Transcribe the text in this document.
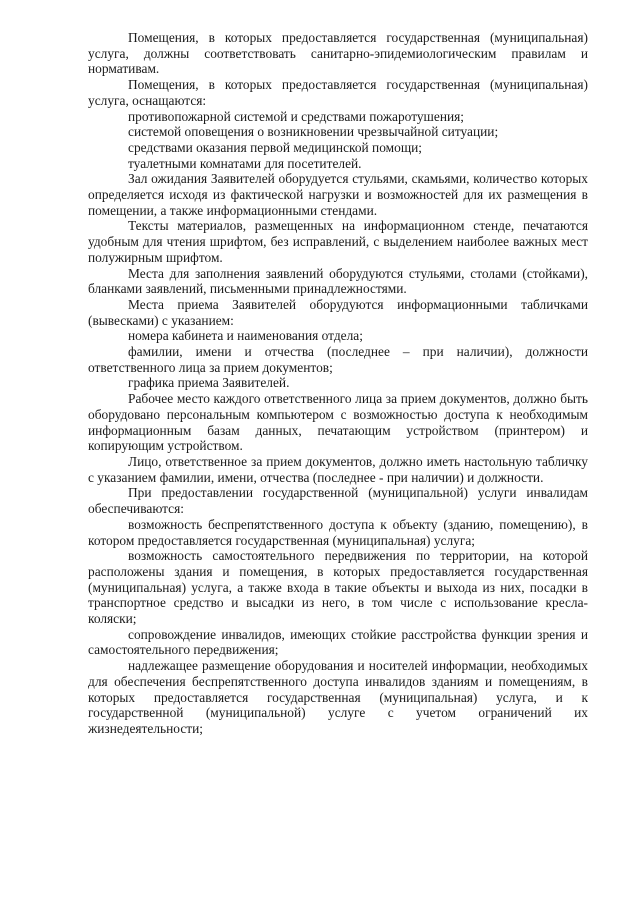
Помещения, в которых предоставляется государственная (муниципальная) услуга, должны соответствовать санитарно-эпидемиологическим правилам и нормативам.

Помещения, в которых предоставляется государственная (муниципальная) услуга, оснащаются:

противопожарной системой и средствами пожаротушения;

системой оповещения о возникновении чрезвычайной ситуации;

средствами оказания первой медицинской помощи;

туалетными комнатами для посетителей.

Зал ожидания Заявителей оборудуется стульями, скамьями, количество которых определяется исходя из фактической нагрузки и возможностей для их размещения в помещении, а также информационными стендами.

Тексты материалов, размещенных на информационном стенде, печатаются удобным для чтения шрифтом, без исправлений, с выделением наиболее важных мест полужирным шрифтом.

Места для заполнения заявлений оборудуются стульями, столами (стойками), бланками заявлений, письменными принадлежностями.

Места приема Заявителей оборудуются информационными табличками (вывесками) с указанием:

номера кабинета и наименования отдела;

фамилии, имени и отчества (последнее – при наличии), должности ответственного лица за прием документов;

графика приема Заявителей.

Рабочее место каждого ответственного лица за прием документов, должно быть оборудовано персональным компьютером с возможностью доступа к необходимым информационным базам данных, печатающим устройством (принтером) и копирующим устройством.

Лицо, ответственное за прием документов, должно иметь настольную табличку с указанием фамилии, имени, отчества (последнее - при наличии) и должности.

При предоставлении государственной (муниципальной) услуги инвалидам обеспечиваются:

возможность беспрепятственного доступа к объекту (зданию, помещению), в котором предоставляется государственная (муниципальная) услуга;

возможность самостоятельного передвижения по территории, на которой расположены здания и помещения, в которых предоставляется государственная (муниципальная) услуга, а также входа в такие объекты и выхода из них, посадки в транспортное средство и высадки из него, в том числе с использование кресла-коляски;

сопровождение инвалидов, имеющих стойкие расстройства функции зрения и самостоятельного передвижения;

надлежащее размещение оборудования и носителей информации, необходимых для обеспечения беспрепятственного доступа инвалидов зданиям и помещениям, в которых предоставляется государственная (муниципальная) услуга, и к государственной (муниципальной) услуге с учетом ограничений их жизнедеятельности;
